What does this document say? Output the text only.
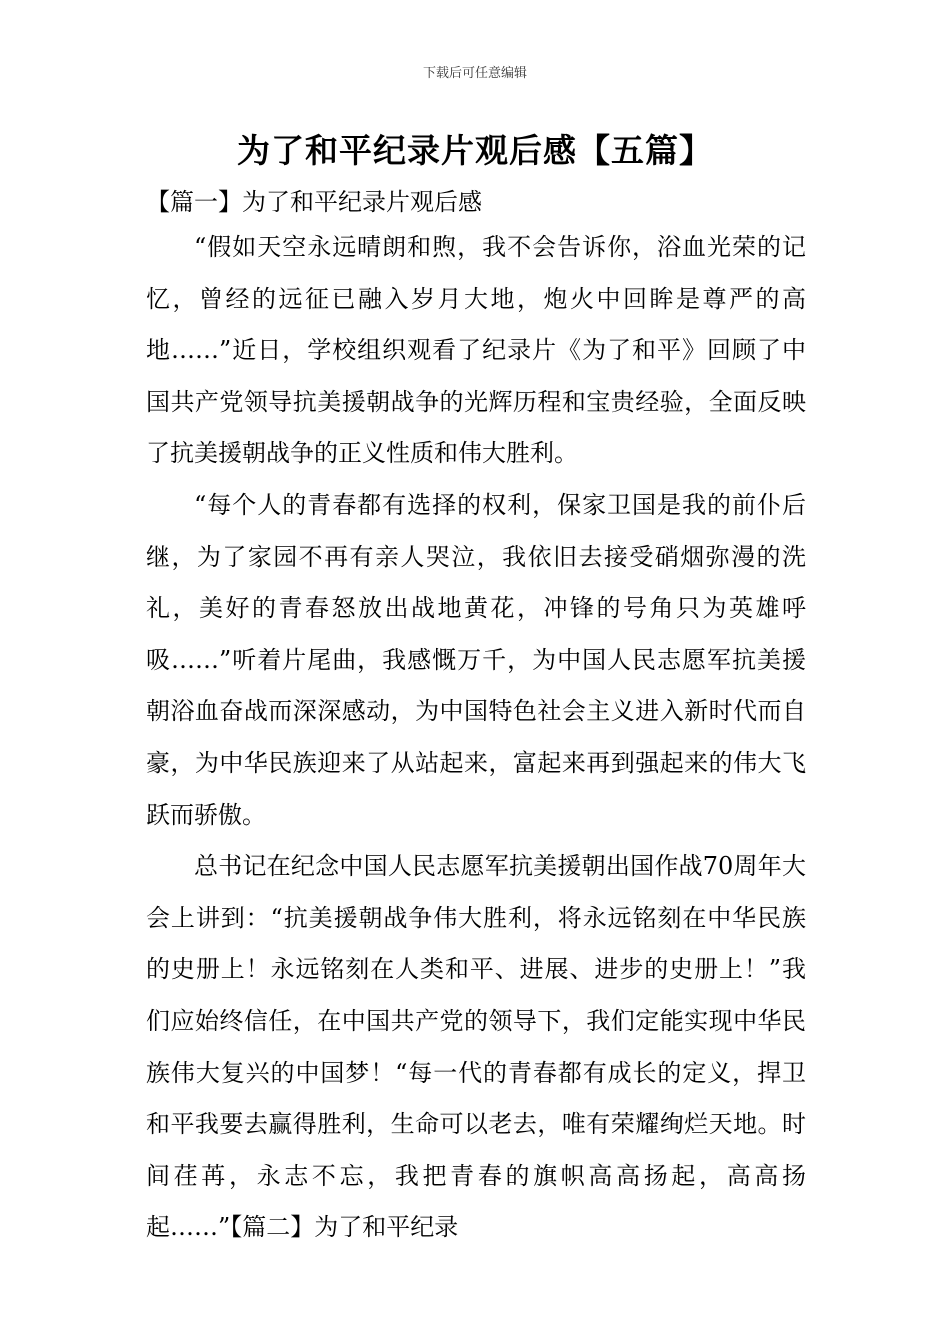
下载后可任意编辑
为了和平纪录片观后感【五篇】
【篇一】为了和平纪录片观后感

“假如天空永远晴朗和煦，我不会告诉你，浴血光荣的记忆，曾经的远征已融入岁月大地，炮火中回眸是尊严的高地……”近日，学校组织观看了纪录片《为了和平》回顾了中国共产党领导抗美援朝战争的光辉历程和宝贵经验，全面反映了抗美援朝战争的正义性质和伟大胜利。

“每个人的青春都有选择的权利，保家卫国是我的前仆后继，为了家园不再有亲人哭泣，我依旧去接受硝烟弥漫的洗礼，美好的青春怒放出战地黄花，冲锋的号角只为英雄呼吸……”听着片尾曲，我感慨万千，为中国人民志愿军抗美援朝浴血奋战而深深感动，为中国特色社会主义进入新时代而自豪，为中华民族迎来了从站起来，富起来再到强起来的伟大飞跃而骄傲。

总书记在纪念中国人民志愿军抗美援朝出国作战70周年大会上讲到：“抗美援朝战争伟大胜利，将永远铭刻在中华民族的史册上！永远铭刻在人类和平、进展、进步的史册上！”我们应始终信任，在中国共产党的领导下，我们定能实现中华民族伟大复兴的中国梦！“每一代的青春都有成长的定义，捍卫和平我要去赢得胜利，生命可以老去，唯有荣耀绚烂天地。时间荏苒，永志不忘，我把青春的旗帜高高扬起，高高扬起……”【篇二】为了和平纪录
